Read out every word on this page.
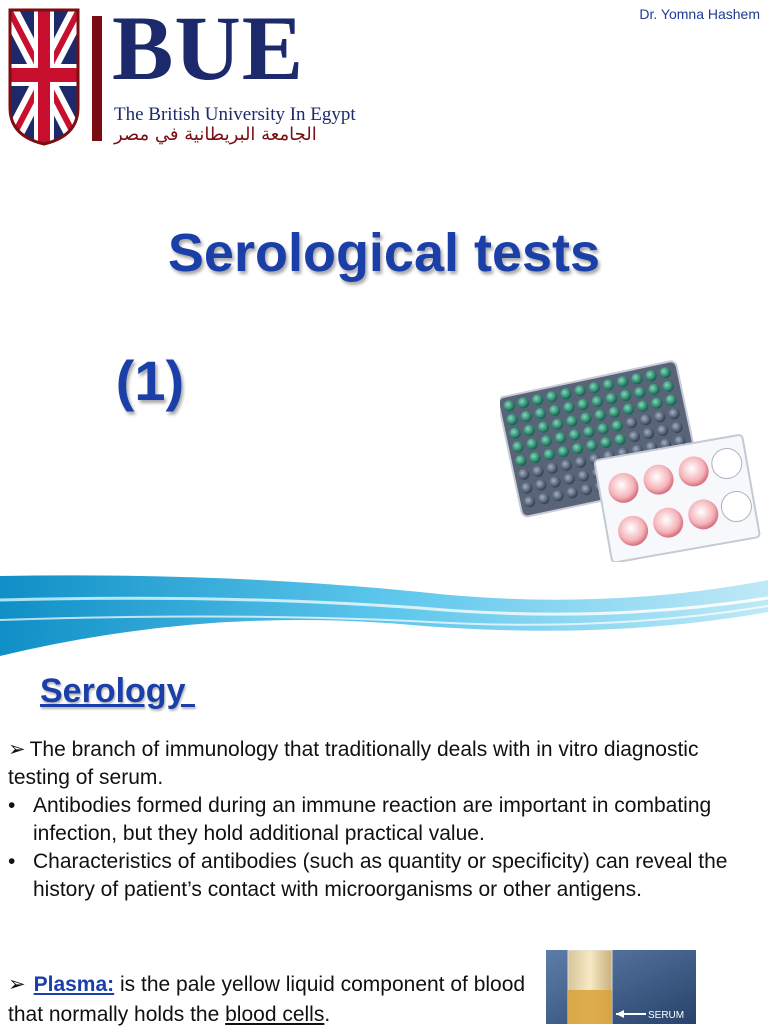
Dr. Yomna Hashem
BUE
The British University In Egypt
الجامعة البريطانية في مصر
Serological tests
(1)
Serology
➢ The branch of immunology that traditionally deals with in vitro diagnostic testing of serum.
• Antibodies formed during an immune reaction are important in combating infection, but they hold additional practical value.
• Characteristics of antibodies (such as quantity or specificity) can reveal the history of patient’s contact with microorganisms or other antigens.
➢ Plasma: is the pale yellow liquid component of blood that normally holds the blood cells.	SERUM
